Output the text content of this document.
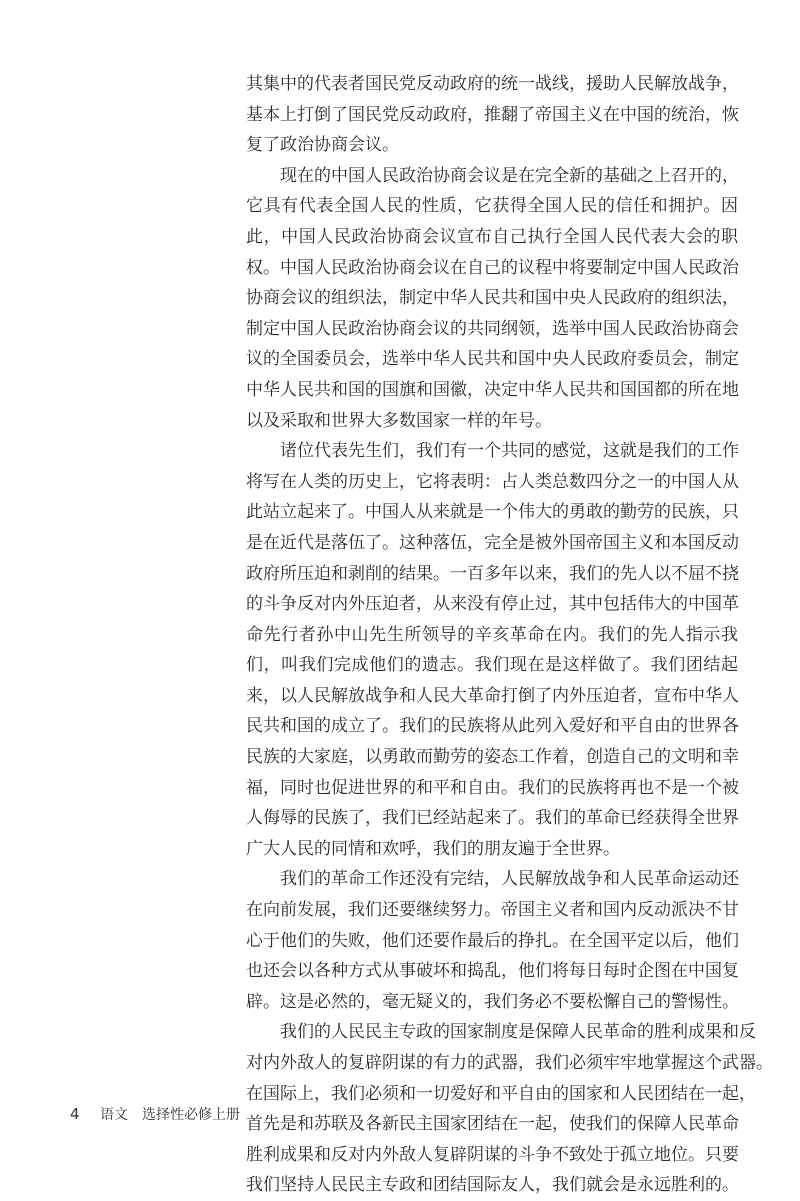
其集中的代表者国民党反动政府的统一战线，援助人民解放战争，
基本上打倒了国民党反动政府，推翻了帝国主义在中国的统治，恢
复了政治协商会议。
现在的中国人民政治协商会议是在完全新的基础之上召开的，
它具有代表全国人民的性质，它获得全国人民的信任和拥护。因
此，中国人民政治协商会议宣布自己执行全国人民代表大会的职
权。中国人民政治协商会议在自己的议程中将要制定中国人民政治
协商会议的组织法，制定中华人民共和国中央人民政府的组织法，
制定中国人民政治协商会议的共同纲领，选举中国人民政治协商会
议的全国委员会，选举中华人民共和国中央人民政府委员会，制定
中华人民共和国的国旗和国徽，决定中华人民共和国国都的所在地
以及采取和世界大多数国家一样的年号。
诸位代表先生们，我们有一个共同的感觉，这就是我们的工作
将写在人类的历史上，它将表明：占人类总数四分之一的中国人从
此站立起来了。中国人从来就是一个伟大的勇敢的勤劳的民族，只
是在近代是落伍了。这种落伍，完全是被外国帝国主义和本国反动
政府所压迫和剥削的结果。一百多年以来，我们的先人以不屈不挠
的斗争反对内外压迫者，从来没有停止过，其中包括伟大的中国革
命先行者孙中山先生所领导的辛亥革命在内。我们的先人指示我
们，叫我们完成他们的遗志。我们现在是这样做了。我们团结起
来，以人民解放战争和人民大革命打倒了内外压迫者，宣布中华人
民共和国的成立了。我们的民族将从此列入爱好和平自由的世界各
民族的大家庭，以勇敢而勤劳的姿态工作着，创造自己的文明和幸
福，同时也促进世界的和平和自由。我们的民族将再也不是一个被
人侮辱的民族了，我们已经站起来了。我们的革命已经获得全世界
广大人民的同情和欢呼，我们的朋友遍于全世界。
我们的革命工作还没有完结，人民解放战争和人民革命运动还
在向前发展，我们还要继续努力。帝国主义者和国内反动派决不甘
心于他们的失败，他们还要作最后的挣扎。在全国平定以后，他们
也还会以各种方式从事破坏和捣乱，他们将每日每时企图在中国复
辟。这是必然的，毫无疑义的，我们务必不要松懈自己的警惕性。
我们的人民民主专政的国家制度是保障人民革命的胜利成果和反
对内外敌人的复辟阴谋的有力的武器，我们必须牢牢地掌握这个武器。
在国际上，我们必须和一切爱好和平自由的国家和人民团结在一起，
首先是和苏联及各新民主国家团结在一起，使我们的保障人民革命
胜利成果和反对内外敌人复辟阴谋的斗争不致处于孤立地位。只要
我们坚持人民民主专政和团结国际友人，我们就会是永远胜利的。
4 语文　选择性必修上册
